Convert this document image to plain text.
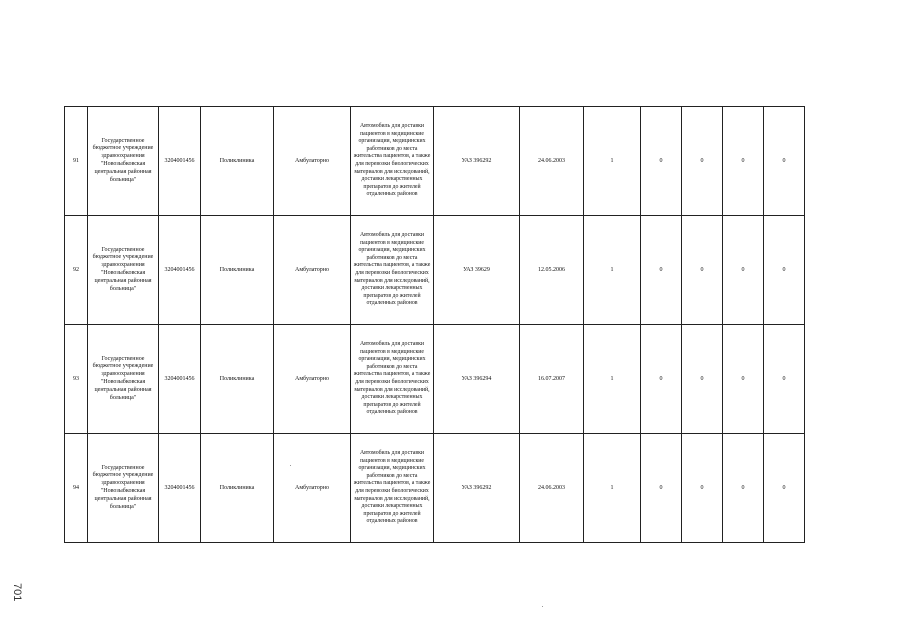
91	Государственное бюджетное учреждение здравоохранения "Новозыбковская центральная районная больница"	3204001456	Поликлиника	Амбулаторно	Автомобиль для доставки пациентов в медицинские организации, медицинских работников до места жительства пациентов, а также для перевозки биологических материалов для исследований, доставки лекарственных препаратов до жителей отдаленных районов	УАЗ 396292	24.06.2003	1	0	0	0	0
92	Государственное бюджетное учреждение здравоохранения "Новозыбковская центральная районная больница"	3204001456	Поликлиника	Амбулаторно	Автомобиль для доставки пациентов в медицинские организации, медицинских работников до места жительства пациентов, а также для перевозки биологических материалов для исследований, доставки лекарственных препаратов до жителей отдаленных районов	УАЗ 39629	12.05.2006	1	0	0	0	0
93	Государственное бюджетное учреждение здравоохранения "Новозыбковская центральная районная больница"	3204001456	Поликлиника	Амбулаторно	Автомобиль для доставки пациентов в медицинские организации, медицинских работников до места жительства пациентов, а также для перевозки биологических материалов для исследований, доставки лекарственных препаратов до жителей отдаленных районов	УАЗ 396294	16.07.2007	1	0	0	0	0
94	Государственное бюджетное учреждение здравоохранения "Новозыбковская центральная районная больница"	3204001456	Поликлиника	Амбулаторно	Автомобиль для доставки пациентов в медицинские организации, медицинских работников до места жительства пациентов, а также для перевозки биологических материалов для исследований, доставки лекарственных препаратов до жителей отдаленных районов	УАЗ 396292	24.06.2003	1	0	0	0	0
701
